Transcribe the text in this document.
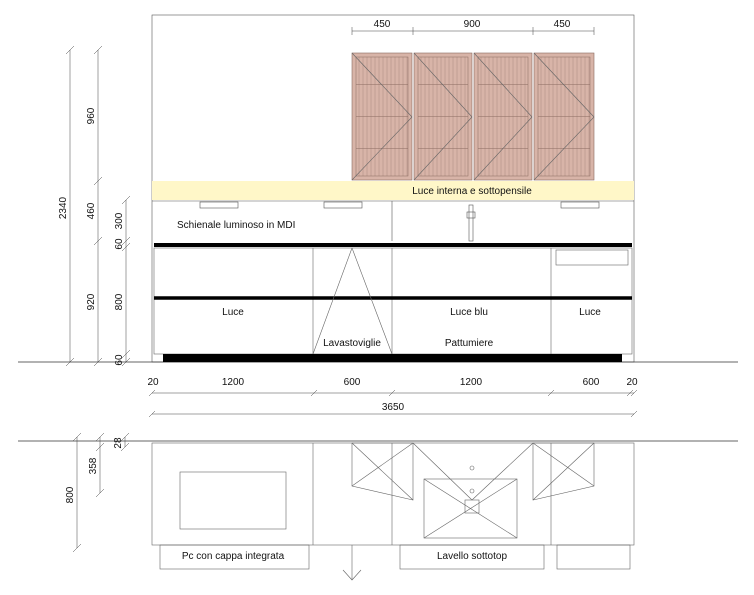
450	900	450
Luce interna e sottopensile
Schienale luminoso in MDI
Luce
Lavastoviglie
Luce blu
Pattumiere
Luce
2340
960
460
920
300
60
800
60
20	1200	600	1200	600	20
3650
Pc con cappa integrata	Lavello sottotop
800
358
28
